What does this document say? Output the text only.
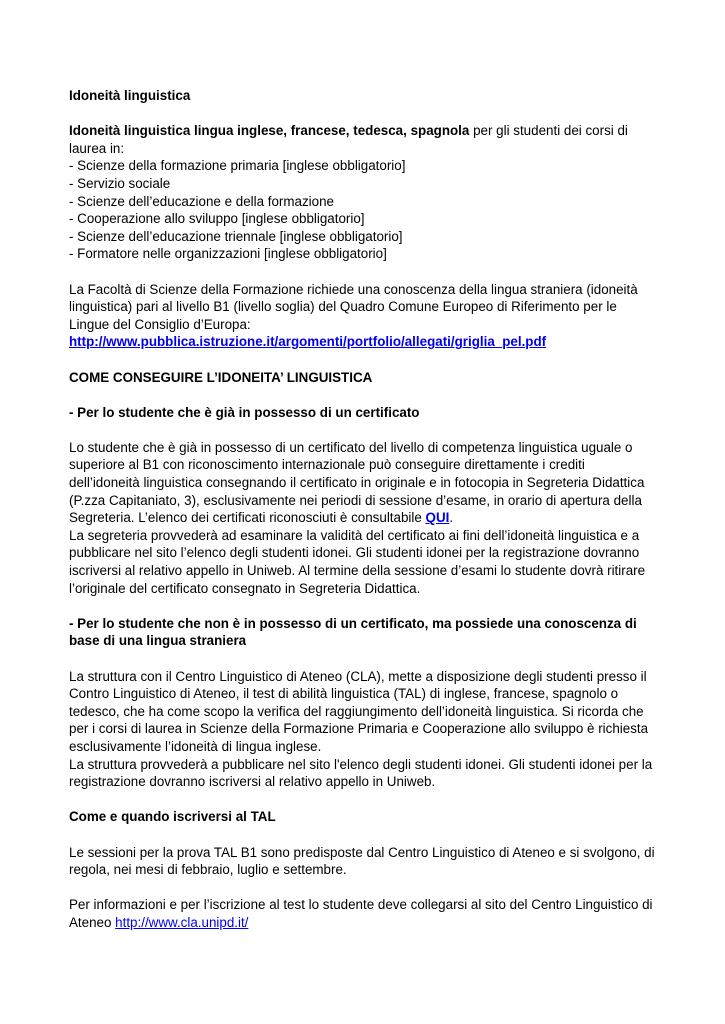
Idoneità linguistica

Idoneità linguistica lingua inglese, francese, tedesca, spagnola per gli studenti dei corsi di laurea in:

- Scienze della formazione primaria [inglese obbligatorio]
- Servizio sociale
- Scienze dell’educazione e della formazione
- Cooperazione allo sviluppo [inglese obbligatorio]
- Scienze dell’educazione triennale [inglese obbligatorio]
- Formatore nelle organizzazioni [inglese obbligatorio]

La Facoltà di Scienze della Formazione richiede una conoscenza della lingua straniera (idoneità linguistica) pari al livello B1 (livello soglia) del Quadro Comune Europeo di Riferimento per le Lingue del Consiglio d’Europa:

http://www.pubblica.istruzione.it/argomenti/portfolio/allegati/griglia_pel.pdf

COME CONSEGUIRE L’IDONEITA’ LINGUISTICA

- Per lo studente che è già in possesso di un certificato

Lo studente che è già in possesso di un certificato del livello di competenza linguistica uguale o superiore al B1 con riconoscimento internazionale può conseguire direttamente i crediti dell’idoneità linguistica consegnando il certificato in originale e in fotocopia in Segreteria Didattica (P.zza Capitaniato, 3), esclusivamente nei periodi di sessione d’esame, in orario di apertura della Segreteria. L’elenco dei certificati riconosciuti è consultabile QUI.

La segreteria provvederà ad esaminare la validità del certificato ai fini dell’idoneità linguistica e a pubblicare nel sito l’elenco degli studenti idonei. Gli studenti idonei per la registrazione dovranno iscriversi al relativo appello in Uniweb. Al termine della sessione d’esami lo studente dovrà ritirare l’originale del certificato consegnato in Segreteria Didattica.

- Per lo studente che non è in possesso di un certificato, ma possiede una conoscenza di base di una lingua straniera

La struttura con il Centro Linguistico di Ateneo (CLA), mette a disposizione degli studenti presso il Contro Linguistico di Ateneo, il test di abilità linguistica (TAL) di inglese, francese, spagnolo o tedesco, che ha come scopo la verifica del raggiungimento dell’idoneità linguistica. Si ricorda che per i corsi di laurea in Scienze della Formazione Primaria e Cooperazione allo sviluppo è richiesta esclusivamente l’idoneità di lingua inglese.

La struttura provvederà a pubblicare nel sito l'elenco degli studenti idonei. Gli studenti idonei per la registrazione dovranno iscriversi al relativo appello in Uniweb.

Come e quando iscriversi al TAL

Le sessioni per la prova TAL B1 sono predisposte dal Centro Linguistico di Ateneo e si svolgono, di regola, nei mesi di febbraio, luglio e settembre.

Per informazioni e per l’iscrizione al test lo studente deve collegarsi al sito del Centro Linguistico di Ateneo http://www.cla.unipd.it/
